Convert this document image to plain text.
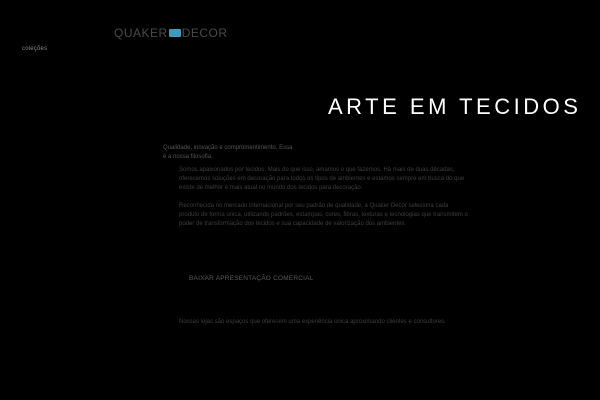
QUAKER DECOR
coleções
ARTE EM TECIDOS
Qualidade, inovação e compromentimento. Essa é a nossa filosofia.
Somos apaixonados por tecidos. Mais do que isso, amamos o que fazemos. Há mais de duas décadas, oferecemos soluções em decoração para todos os tipos de ambientes e estamos sempre em busca do que existe de melhor e mais atual no mundo dos tecidos para decoração.
Reconhecida no mercado internacional por seu padrão de qualidade, a Quaker Decor seleciona cada produto de forma única, utilizando padrões, estampas, cores, fibras, texturas e tecnologias que transmitem o poder de transformação dos tecidos e sua capacidade de valorização dos ambientes.
BAIXAR APRESENTAÇÃO COMERCIAL
Nossas lojas são espaços que oferecem uma experiência única aproximando clientes e consultores.
